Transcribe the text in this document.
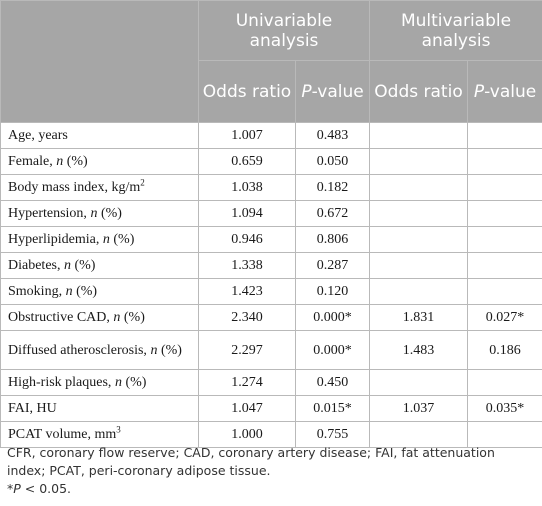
	Univariable analysis		Multivariable analysis	
	Odds ratio	P-value	Odds ratio	P-value
Age, years	1.007	0.483		
Female, n (%)	0.659	0.050		
Body mass index, $kg/m^2$	1.038	0.182		
Hypertension, n (%)	1.094	0.672		
Hyperlipidemia, n (%)	0.946	0.806		
Diabetes, n (%)	1.338	0.287		
Smoking, n (%)	1.423	0.120		
Obstructive CAD, n (%)	2.340	0.000*	1.831	0.027*
Diffused atherosclerosis, n (%)	2.297	0.000*	1.483	0.186
High-risk plaques, n (%)	1.274	0.450		
FAI, HU	1.047	0.015*	1.037	0.035*
PCAT volume, $mm^3$	1.000	0.755		
CFR, coronary flow reserve; CAD, coronary artery disease; FAI, fat attenuation index; PCAT, peri-coronary adipose tissue.
*P < 0.05.
